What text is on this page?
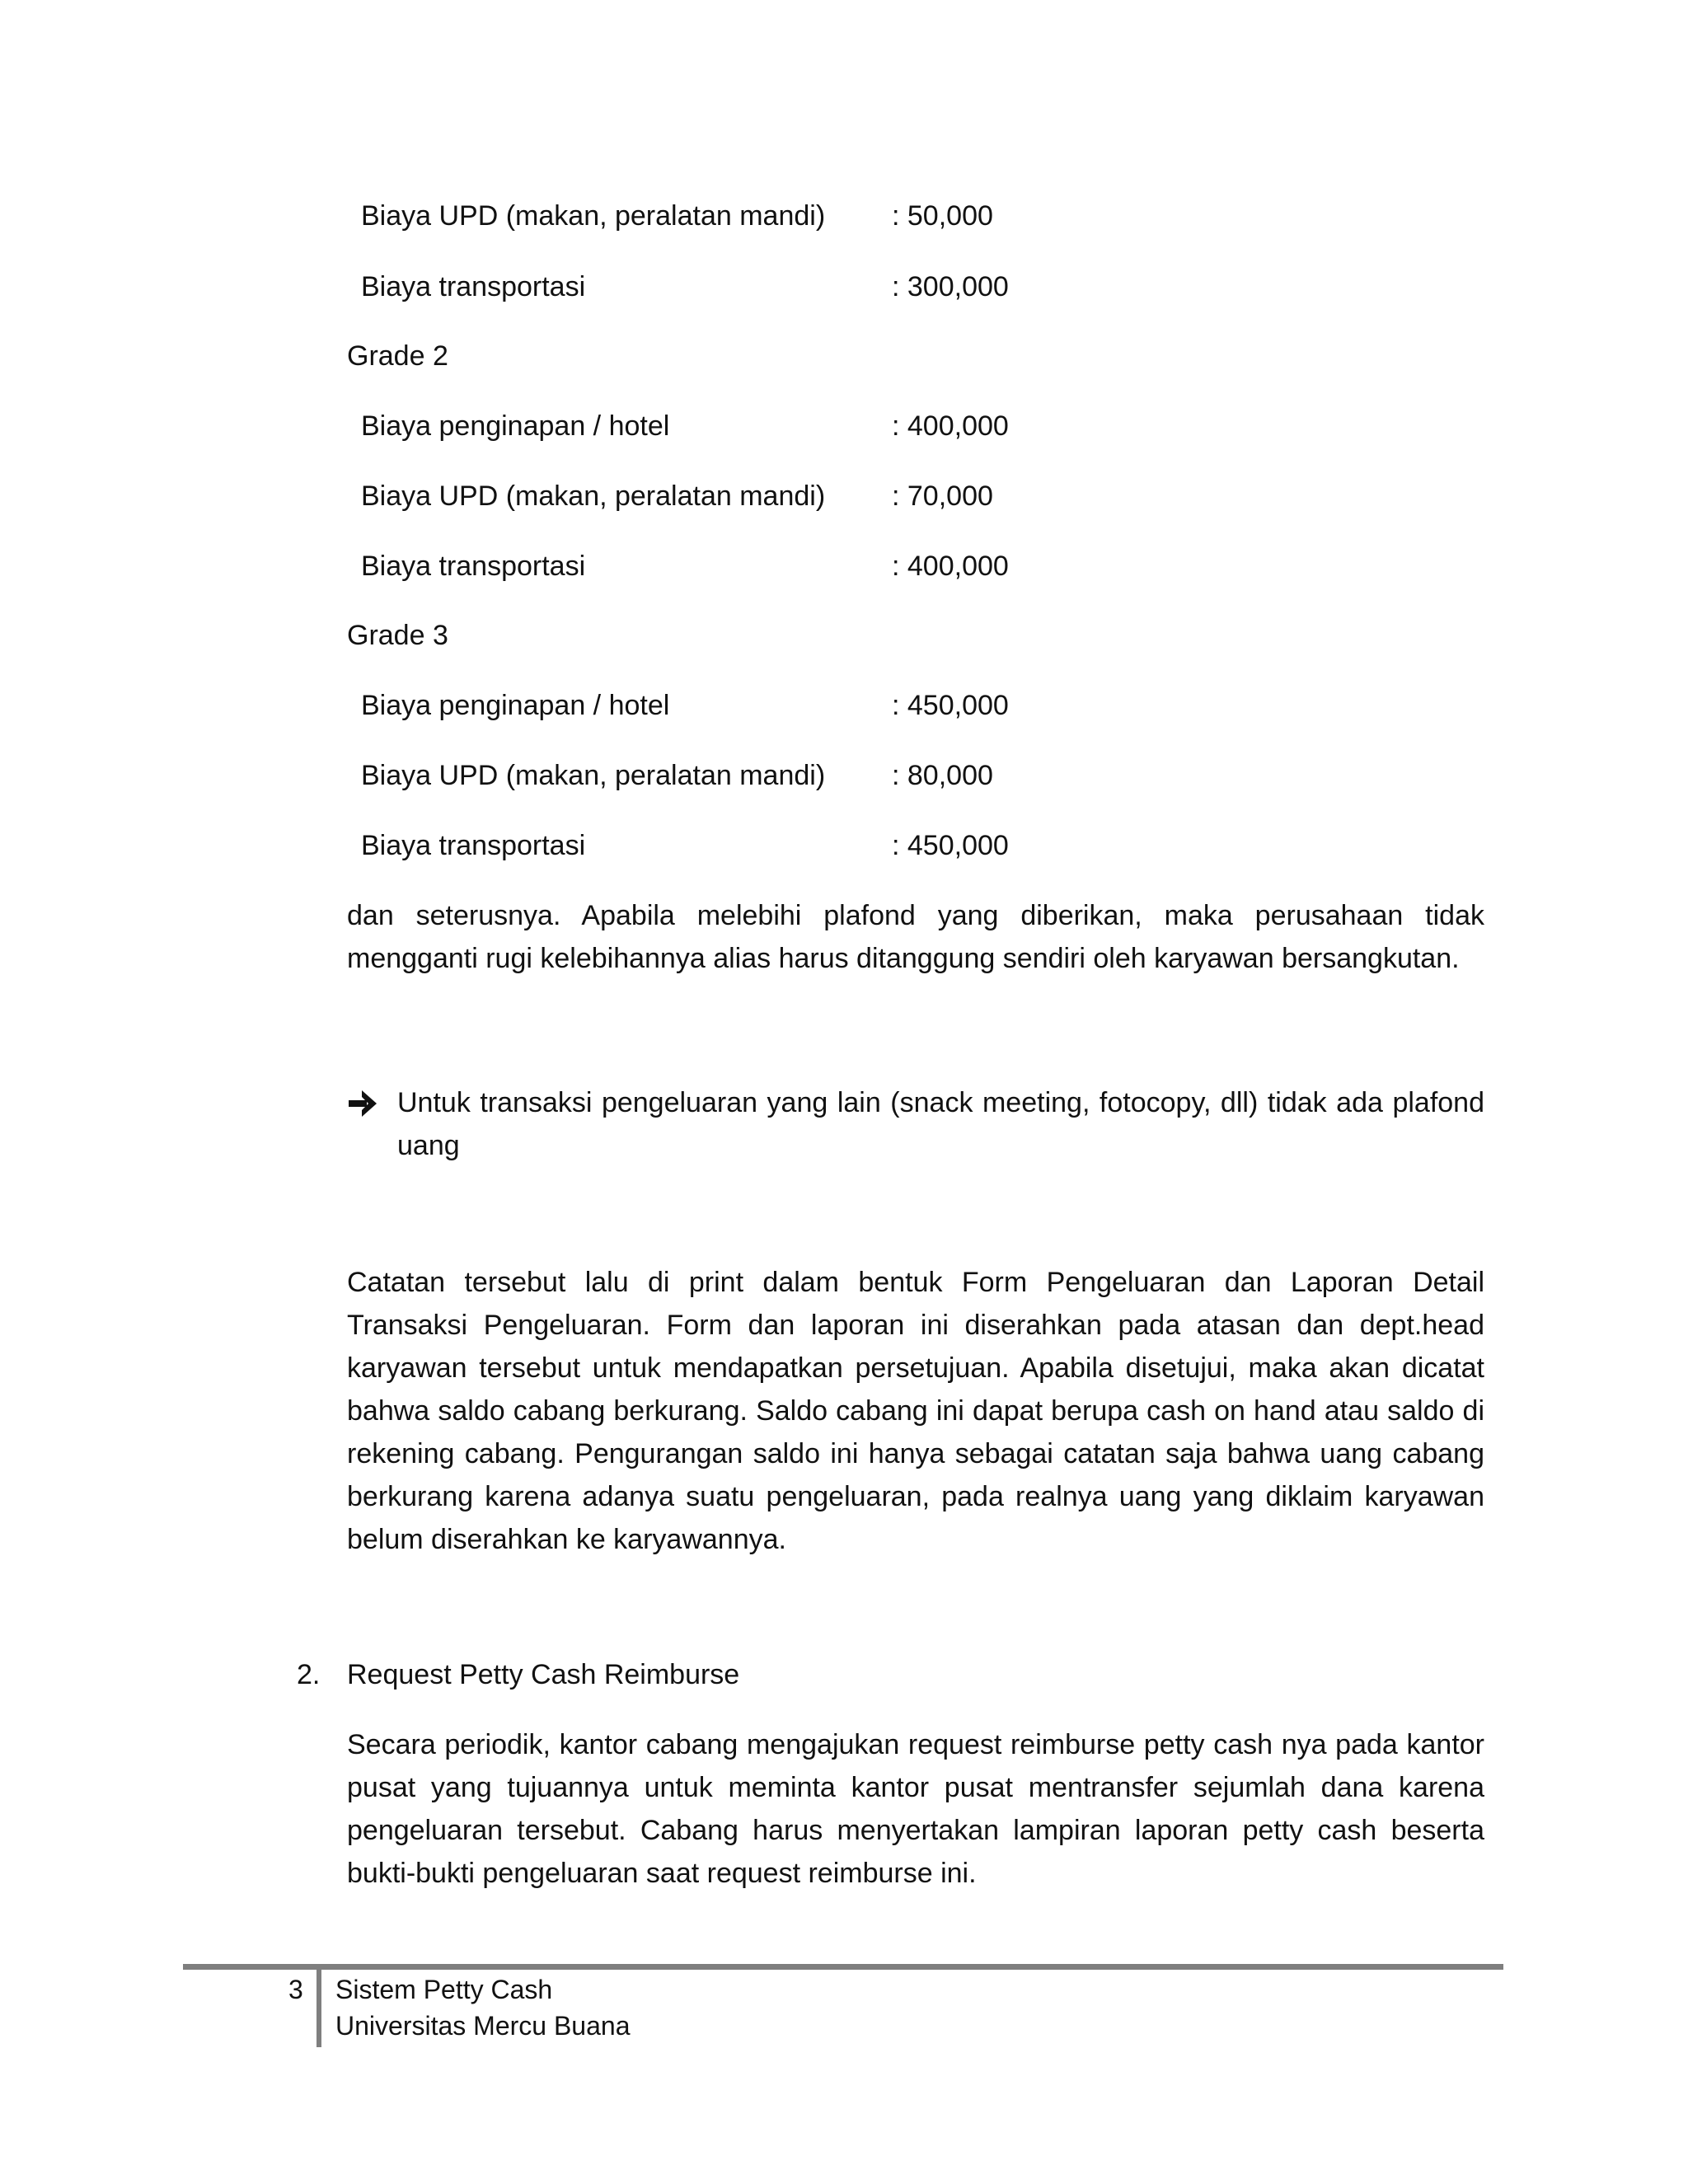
Biaya UPD (makan, peralatan mandi) : 50,000
Biaya transportasi	: 300,000
Grade 2
Biaya penginapan / hotel	: 400,000
Biaya UPD (makan, peralatan mandi) : 70,000
Biaya transportasi	: 400,000
Grade 3
Biaya penginapan / hotel	: 450,000
Biaya UPD (makan, peralatan mandi) : 80,000
Biaya transportasi	: 450,000
dan seterusnya. Apabila melebihi plafond yang diberikan, maka perusahaan tidak mengganti rugi kelebihannya alias harus ditanggung sendiri oleh karyawan bersangkutan.
Untuk transaksi pengeluaran yang lain (snack meeting, fotocopy, dll) tidak ada plafond uang
Catatan tersebut lalu di print dalam bentuk Form Pengeluaran dan Laporan Detail Transaksi Pengeluaran. Form dan laporan ini diserahkan pada atasan dan dept.head karyawan tersebut untuk mendapatkan persetujuan. Apabila disetujui, maka akan dicatat bahwa saldo cabang berkurang. Saldo cabang ini dapat berupa cash on hand atau saldo di rekening cabang. Pengurangan saldo ini hanya sebagai catatan saja bahwa uang cabang berkurang karena adanya suatu pengeluaran, pada realnya uang yang diklaim karyawan belum diserahkan ke karyawannya.
2. Request Petty Cash Reimburse
Secara periodik, kantor cabang mengajukan request reimburse petty cash nya pada kantor pusat yang tujuannya untuk meminta kantor pusat mentransfer sejumlah dana karena pengeluaran tersebut. Cabang harus menyertakan lampiran laporan petty cash beserta bukti-bukti pengeluaran saat request reimburse ini.
3 Sistem Petty Cash
Universitas Mercu Buana
